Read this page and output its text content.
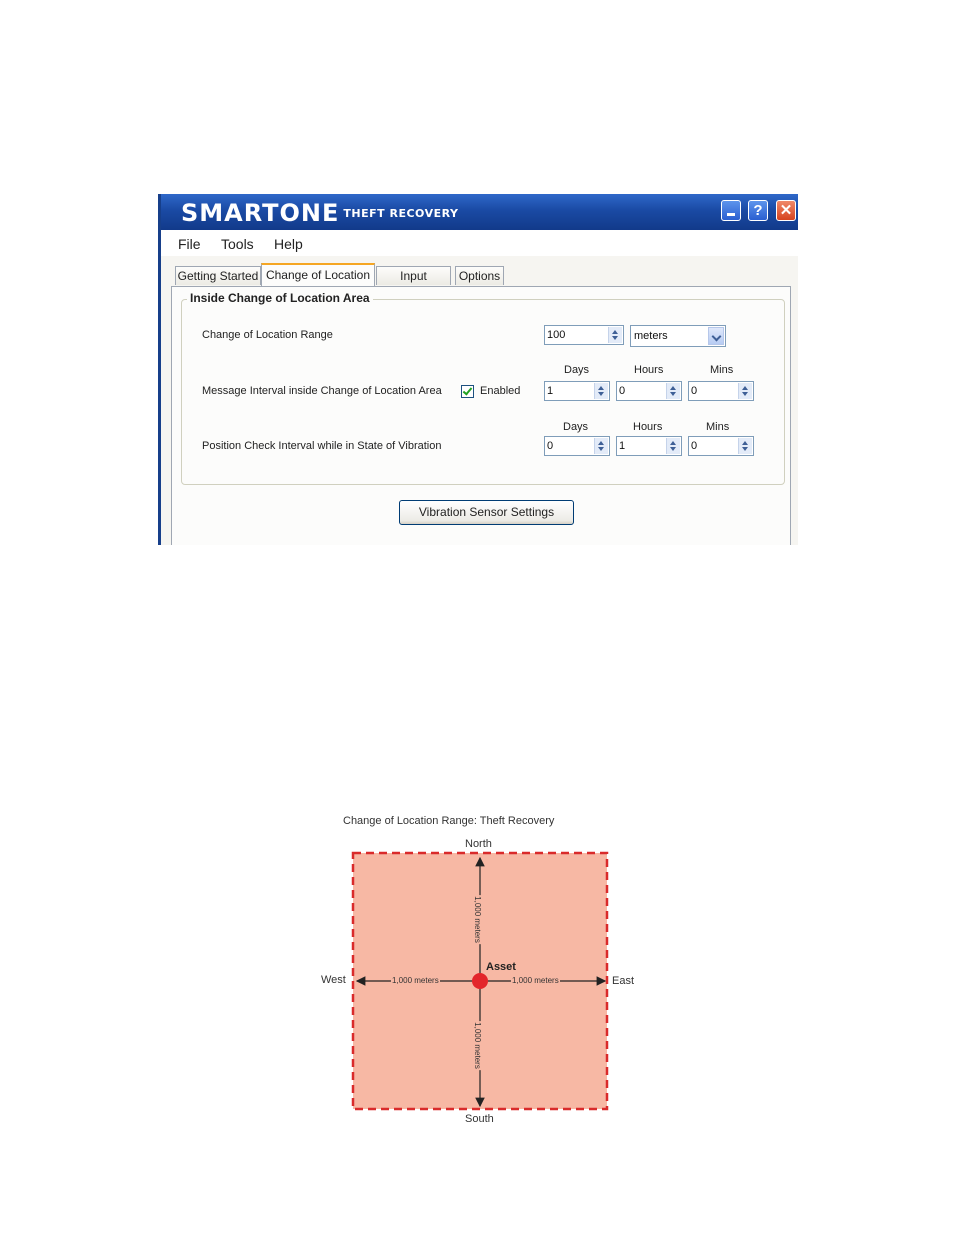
SMARTONE $^{THEFT RECOVERY}$	?	✕
File Tools Help
Getting Started Change of Location	Input	Options
Inside Change of Location Area
Change of Location Range	100	meters
Days	Hours	Mins
Message Interval inside Change of Location Area	Enabled 1	0	0
Days	Hours	Mins
Position Check Interval while in State of Vibration	0	1	0
Vibration Sensor Settings
Change of Location Range: Theft Recovery
North
South
West	East
Asset
1,000 meters	1,000 meters
1,000 meters
1,000 meters
